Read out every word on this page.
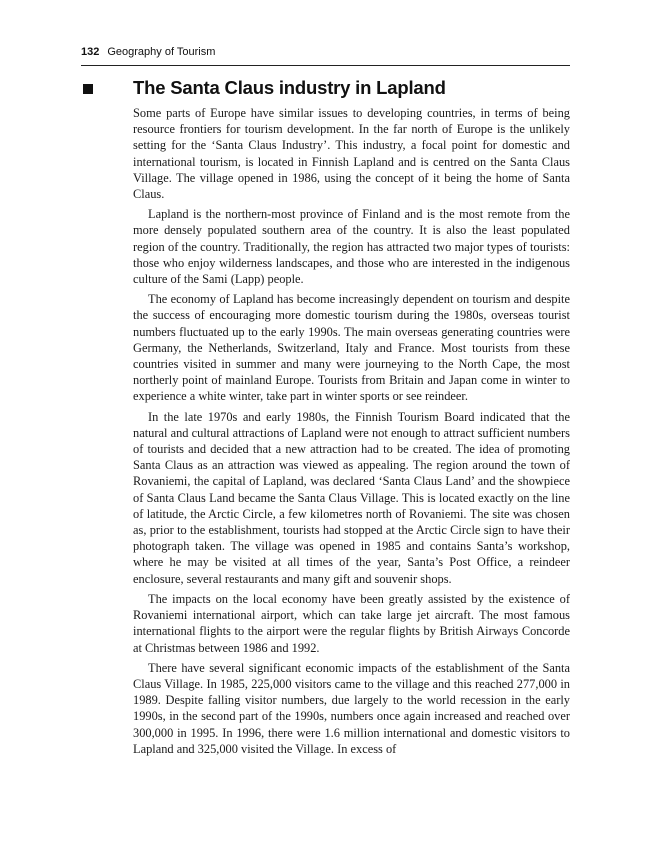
132 Geography of Tourism
The Santa Claus industry in Lapland

Some parts of Europe have similar issues to developing countries, in terms of being resource frontiers for tourism development. In the far north of Europe is the unlikely setting for the ‘Santa Claus Industry’. This industry, a focal point for domestic and international tourism, is located in Finnish Lapland and is centred on the Santa Claus Village. The village opened in 1986, using the concept of it being the home of Santa Claus.

Lapland is the northern-most province of Finland and is the most remote from the more densely populated southern area of the country. It is also the least populated region of the country. Traditionally, the region has attracted two major types of tourists: those who enjoy wilderness landscapes, and those who are interested in the indigenous culture of the Sami (Lapp) people.

The economy of Lapland has become increasingly dependent on tourism and despite the success of encouraging more domestic tourism during the 1980s, overseas tourist numbers fluctuated up to the early 1990s. The main overseas generating countries were Germany, the Netherlands, Switzerland, Italy and France. Most tourists from these countries visited in summer and many were journeying to the North Cape, the most northerly point of mainland Europe. Tourists from Britain and Japan come in winter to experience a white winter, take part in winter sports or see reindeer.

In the late 1970s and early 1980s, the Finnish Tourism Board indicated that the natural and cultural attractions of Lapland were not enough to attract sufficient numbers of tourists and decided that a new attraction had to be created. The idea of promoting Santa Claus as an attraction was viewed as appealing. The region around the town of Rovaniemi, the capital of Lapland, was declared ‘Santa Claus Land’ and the showpiece of Santa Claus Land became the Santa Claus Village. This is located exactly on the line of latitude, the Arctic Circle, a few kilometres north of Rovaniemi. The site was chosen as, prior to the establishment, tourists had stopped at the Arctic Circle sign to have their photograph taken. The village was opened in 1985 and contains Santa’s workshop, where he may be visited at all times of the year, Santa’s Post Office, a reindeer enclosure, several restaurants and many gift and souvenir shops.

The impacts on the local economy have been greatly assisted by the existence of Rovaniemi international airport, which can take large jet aircraft. The most famous international flights to the airport were the regular flights by British Airways Concorde at Christmas between 1986 and 1992.

There have several significant economic impacts of the establishment of the Santa Claus Village. In 1985, 225,000 visitors came to the village and this reached 277,000 in 1989. Despite falling visitor numbers, due largely to the world recession in the early 1990s, in the second part of the 1990s, numbers once again increased and reached over 300,000 in 1995. In 1996, there were 1.6 million international and domestic visitors to Lapland and 325,000 visited the Village. In excess of
